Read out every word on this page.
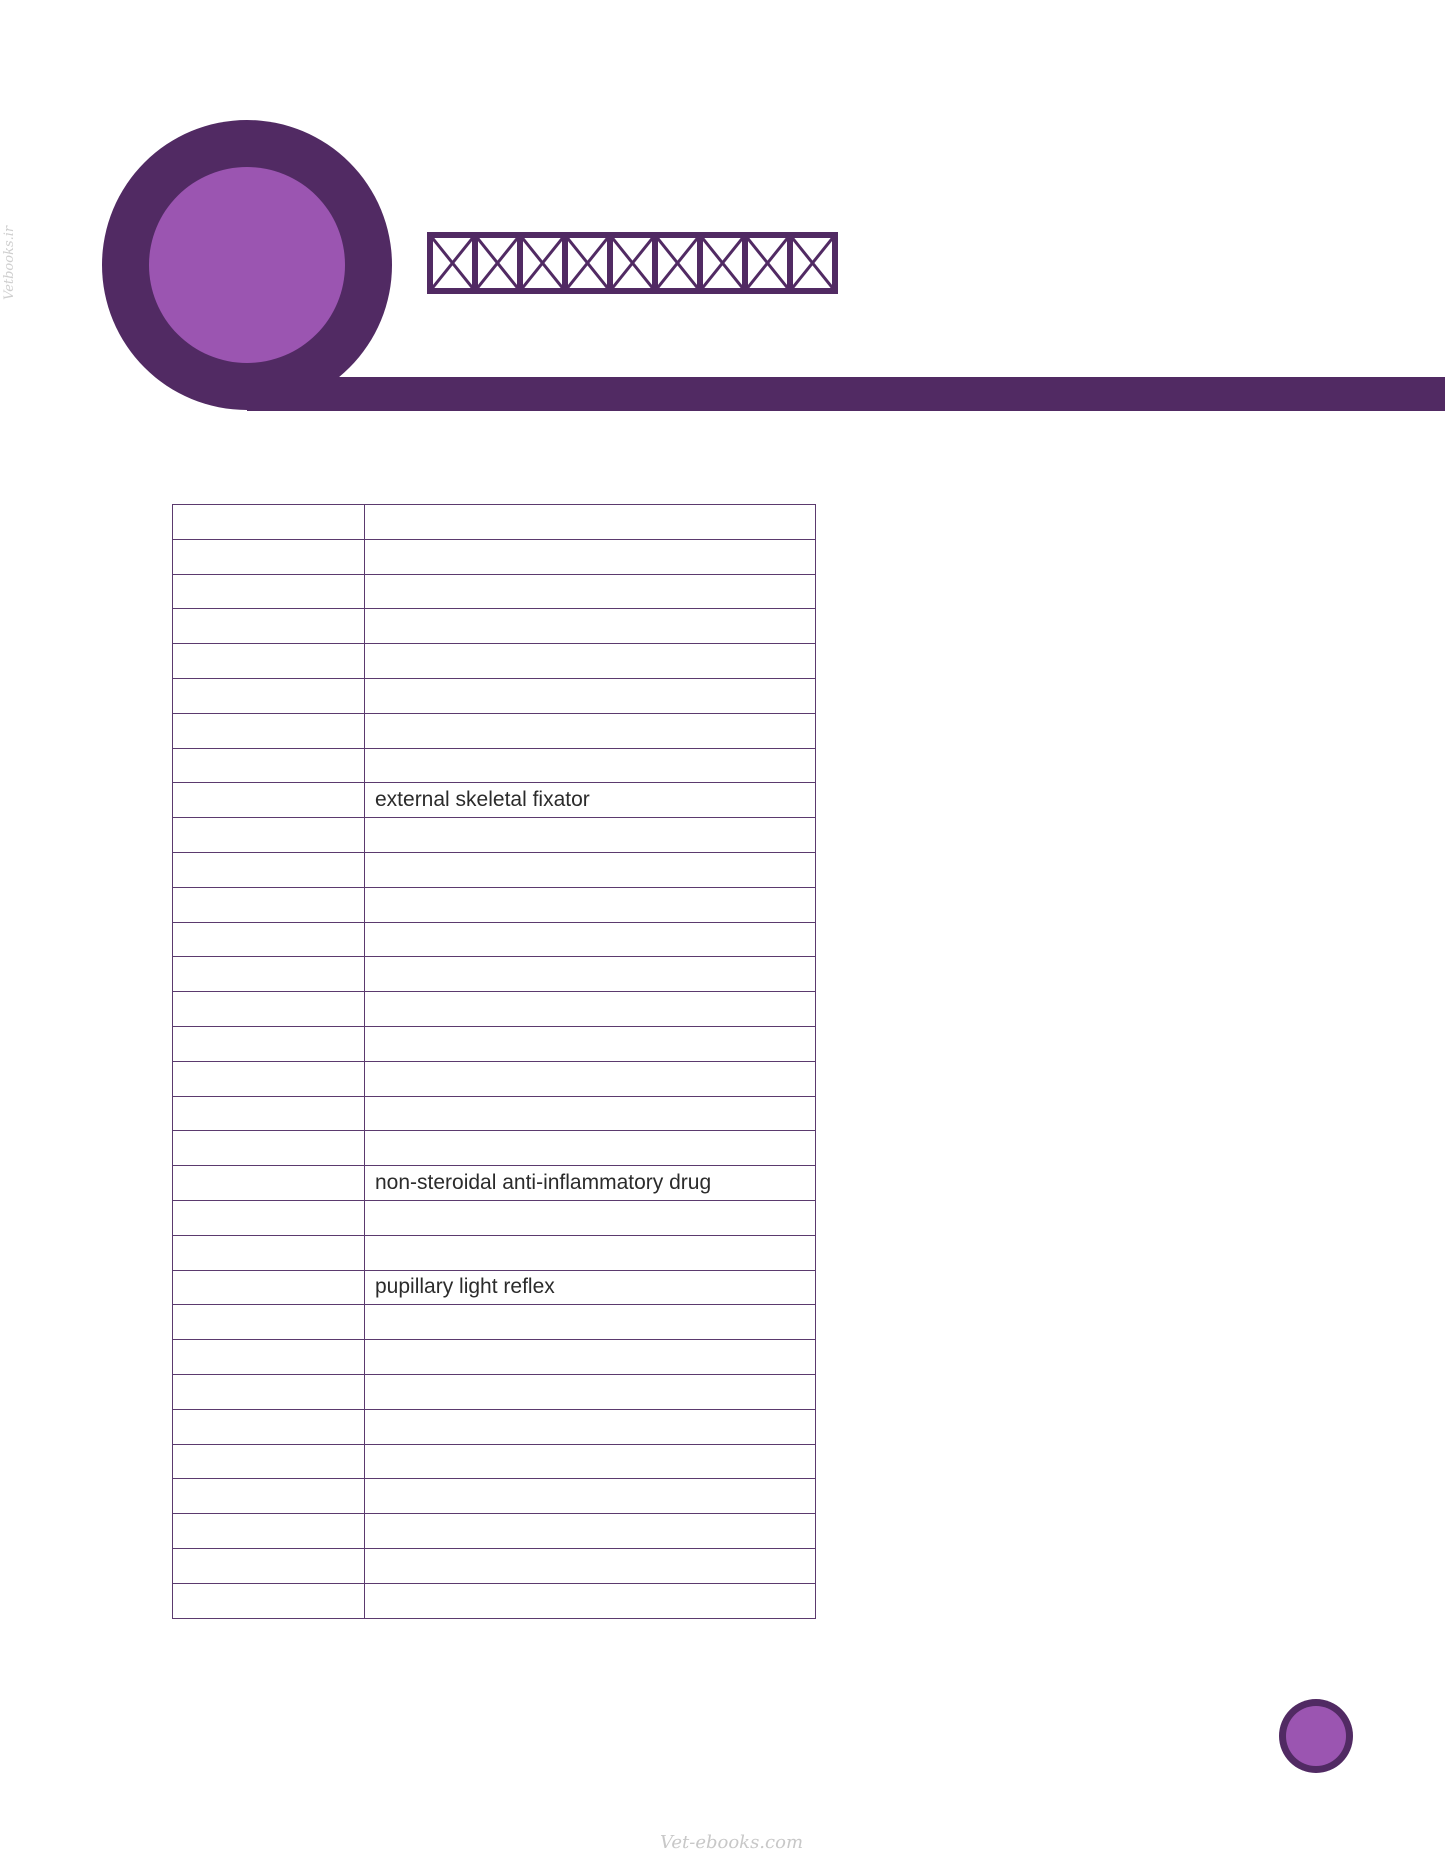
Vetbooks.ir

	external skeletal fixator

	non-steroidal anti-inflammatory drug

	pupillary light reflex

Vet-ebooks.com
